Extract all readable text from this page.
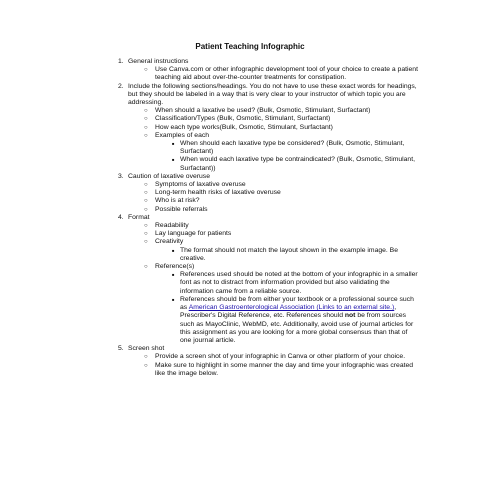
Patient Teaching Infographic
1. General instructions
○ Use Canva.com or other infographic development tool of your choice to create a patient teaching aid about over-the-counter treatments for constipation.
2. Include the following sections/headings. You do not have to use these exact words for headings, but they should be labeled in a way that is very clear to your instructor of which topic you are addressing.
○ When should a laxative be used? (Bulk, Osmotic, Stimulant, Surfactant)
○ Classification/Types (Bulk, Osmotic, Stimulant, Surfactant)
○ How each type works(Bulk, Osmotic, Stimulant, Surfactant)
○ Examples of each
■ When should each laxative type be considered? (Bulk, Osmotic, Stimulant, Surfactant)
■ When would each laxative type be contraindicated? (Bulk, Osmotic, Stimulant, Surfactant))
3. Caution of laxative overuse
○ Symptoms of laxative overuse
○ Long-term health risks of laxative overuse
○ Who is at risk?
○ Possible referrals
4. Format
○ Readability
○ Lay language for patients
○ Creativity
■ The format should not match the layout shown in the example image. Be creative.
○ Reference(s)
■ References used should be noted at the bottom of your infographic in a smaller font as not to distract from information provided but also validating the information came from a reliable source.
■ References should be from either your textbook or a professional source such as American Gastroenterological Association (Links to an external site.), Prescriber's Digital Reference, etc. References should not be from sources such as MayoClinic, WebMD, etc. Additionally, avoid use of journal articles for this assignment as you are looking for a more global consensus than that of one journal article.
5. Screen shot
○ Provide a screen shot of your infographic in Canva or other platform of your choice.
○ Make sure to highlight in some manner the day and time your infographic was created like the image below.
